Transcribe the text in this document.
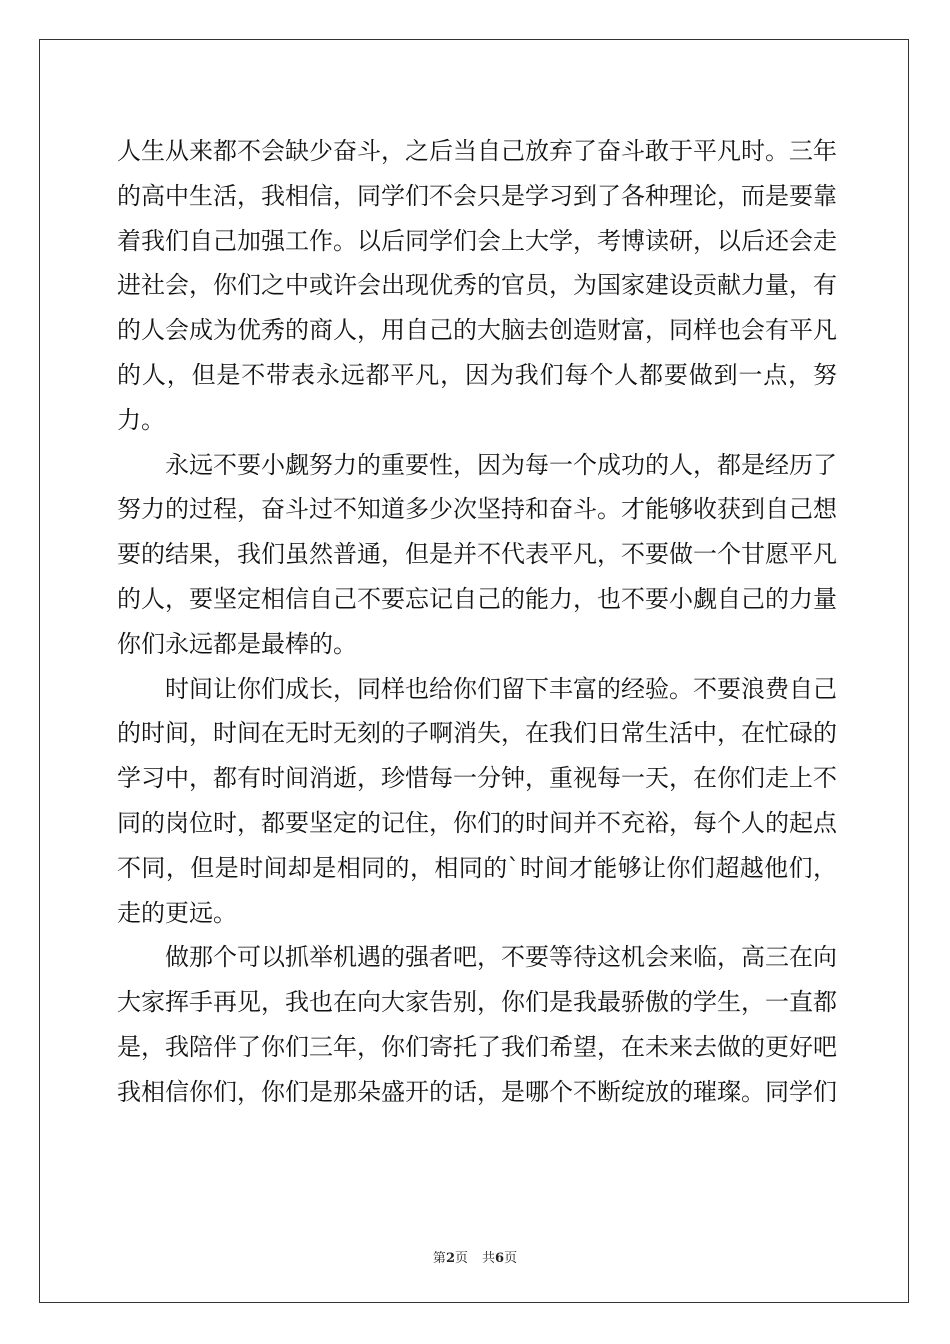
人生从来都不会缺少奋斗，之后当自己放弃了奋斗敢于平凡时。三年的高中生活，我相信，同学们不会只是学习到了各种理论，而是要靠着我们自己加强工作。以后同学们会上大学，考博读研，以后还会走进社会，你们之中或许会出现优秀的官员，为国家建设贡献力量，有的人会成为优秀的商人，用自己的大脑去创造财富，同样也会有平凡的人，但是不带表永远都平凡，因为我们每个人都要做到一点，努力。

永远不要小觑努力的重要性，因为每一个成功的人，都是经历了努力的过程，奋斗过不知道多少次坚持和奋斗。才能够收获到自己想要的结果，我们虽然普通，但是并不代表平凡，不要做一个甘愿平凡的人，要坚定相信自己不要忘记自己的能力，也不要小觑自己的力量你们永远都是最棒的。

时间让你们成长，同样也给你们留下丰富的经验。不要浪费自己的时间，时间在无时无刻的子啊消失，在我们日常生活中，在忙碌的学习中，都有时间消逝，珍惜每一分钟，重视每一天，在你们走上不同的岗位时，都要坚定的记住，你们的时间并不充裕，每个人的起点不同，但是时间却是相同的，相同的`时间才能够让你们超越他们，走的更远。

做那个可以抓举机遇的强者吧，不要等待这机会来临，高三在向大家挥手再见，我也在向大家告别，你们是我最骄傲的学生，一直都是，我陪伴了你们三年，你们寄托了我们希望，在未来去做的更好吧我相信你们，你们是那朵盛开的话，是哪个不断绽放的璀璨。同学们

第2页 共6页
